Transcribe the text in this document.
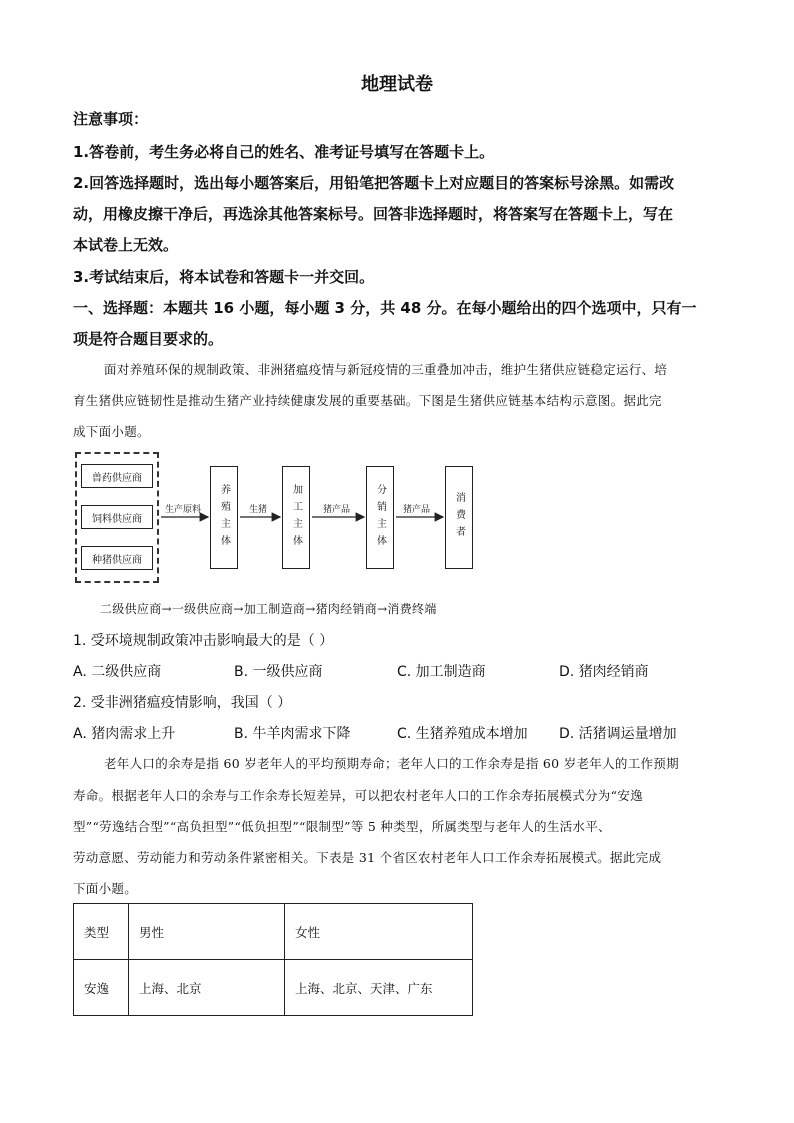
地理试卷
注意事项：
1.答卷前，考生务必将自己的姓名、准考证号填写在答题卡上。
2.回答选择题时，选出每小题答案后，用铅笔把答题卡上对应题目的答案标号涂黑。如需改
动，用橡皮擦干净后，再选涂其他答案标号。回答非选择题时，将答案写在答题卡上，写在
本试卷上无效。
3.考试结束后，将本试卷和答题卡一并交回。
一、选择题：本题共 16 小题，每小题 3 分，共 48 分。在每小题给出的四个选项中，只有一
项是符合题目要求的。
面对养殖环保的规制政策、非洲猪瘟疫情与新冠疫情的三重叠加冲击，维护生猪供应链稳定运行、培
育生猪供应链韧性是推动生猪产业持续健康发展的重要基础。下图是生猪供应链基本结构示意图。据此完
成下面小题。
兽药供应商
饲料供应商
种猪供应商
养殖主体	加工主体	分销主体	消费者
生产原料	生猪	猪产品	猪产品
二级供应商→一级供应商→加工制造商→猪肉经销商→消费终端
1. 受环境规制政策冲击影响最大的是（ ）
A. 二级供应商	B. 一级供应商	C. 加工制造商	D. 猪肉经销商
2. 受非洲猪瘟疫情影响，我国（ ）
A. 猪肉需求上升	B. 牛羊肉需求下降	C. 生猪养殖成本增加 D. 活猪调运量增加
老年人口的余寿是指 60 岁老年人的平均预期寿命；老年人口的工作余寿是指 60 岁老年人的工作预期
寿命。根据老年人口的余寿与工作余寿长短差异，可以把农村老年人口的工作余寿拓展模式分为“安逸
型”“劳逸结合型”“高负担型”“低负担型”“限制型”等 5 种类型，所属类型与老年人的生活水平、
劳动意愿、劳动能力和劳动条件紧密相关。下表是 31 个省区农村老年人口工作余寿拓展模式。据此完成
下面小题。
类型	男性	女性
安逸	上海、北京	上海、北京、天津、广东
